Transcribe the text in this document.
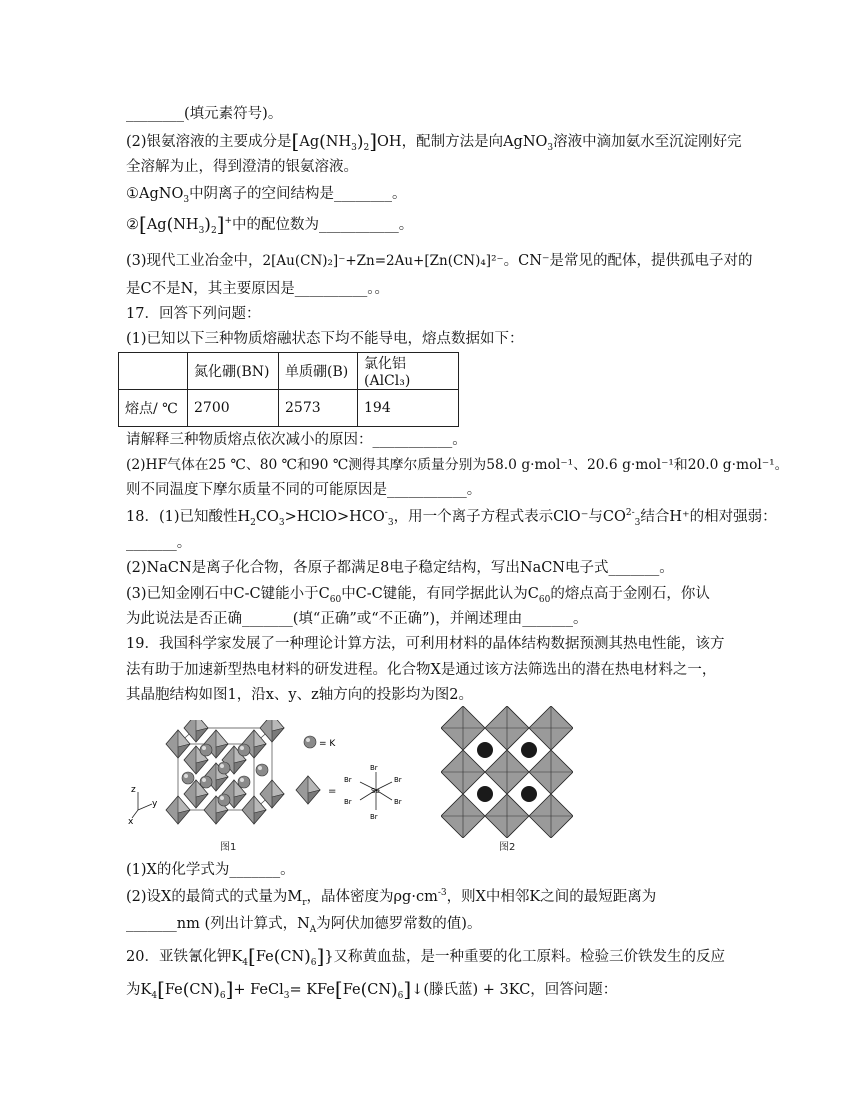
________(填元素符号)。
(2)银氨溶液的主要成分是$[Ag(NH_3)_2]OH$，配制方法是向AgNO$_3$溶液中滴加氨水至沉淀刚好完
全溶解为止，得到澄清的银氨溶液。
①AgNO$_3$中阴离子的空间结构是________。
$②[Ag(NH_3)_2]^+$中的配位数为___________。
(3)现代工业冶金中，2[Au(CN)₂]⁻+Zn=2Au+[Zn(CN)₄]²⁻。CN⁻是常见的配体，提供孤电子对的
是C不是N，其主要原因是__________。。
17．回答下列问题：
(1)已知以下三种物质熔融状态下均不能导电，熔点数据如下：
	氮化硼(BN)	单质硼(B)	氯化铝(AlCl₃)
熔点/ ℃	2700	2573	194
请解释三种物质熔点依次减小的原因：___________。
(2)HF气体在25 ℃、80 ℃和90 ℃测得其摩尔质量分别为58.0 g·mol⁻¹、20.6 g·mol⁻¹和20.0 g·mol⁻¹。
则不同温度下摩尔质量不同的可能原因是___________。
18．(1)已知酸性$H_2CO_3>HClO>HCO^-_3$，用一个离子方程式表示ClO⁻与$CO^{2-}_3$结合H⁺的相对强弱：
_______。
(2)NaCN是离子化合物，各原子都满足8电子稳定结构，写出NaCN电子式_______。
(3)已知金刚石中C-C键能小于$C_{60}$中C-C键能，有同学据此认为$C_{60}$的熔点高于金刚石，你认
为此说法是否正确_______(填“正确”或“不正确”)，并阐述理由_______。
19．我国科学家发展了一种理论计算方法，可利用材料的晶体结构数据预测其热电性能，该方
法有助于加速新型热电材料的研发进程。化合物X是通过该方法筛选出的潜在热电材料之一，
其晶胞结构如图1，沿x、y、z轴方向的投影均为图2。
z
y
x
= K
=
Br
Br
Br	Br
Br	Br
Se
图1	图2
(1)X的化学式为_______。
(2)设X的最简式的式量为$M_r$，晶体密度为$\rho g\cdot cm^{-3}$，则X中相邻K之间的最短距离为
_______nm (列出计算式，$N_A$为阿伏加德罗常数的值)。
20．亚铁氰化钾$K_4[Fe(CN)_6]$}又称黄血盐，是一种重要的化工原料。检验三价铁发生的反应
为$K_4[Fe(CN)_6]+$ FeCl$_3$= $KFe[Fe(CN)_6]↓$(滕氏蓝) + 3KC，回答问题：
